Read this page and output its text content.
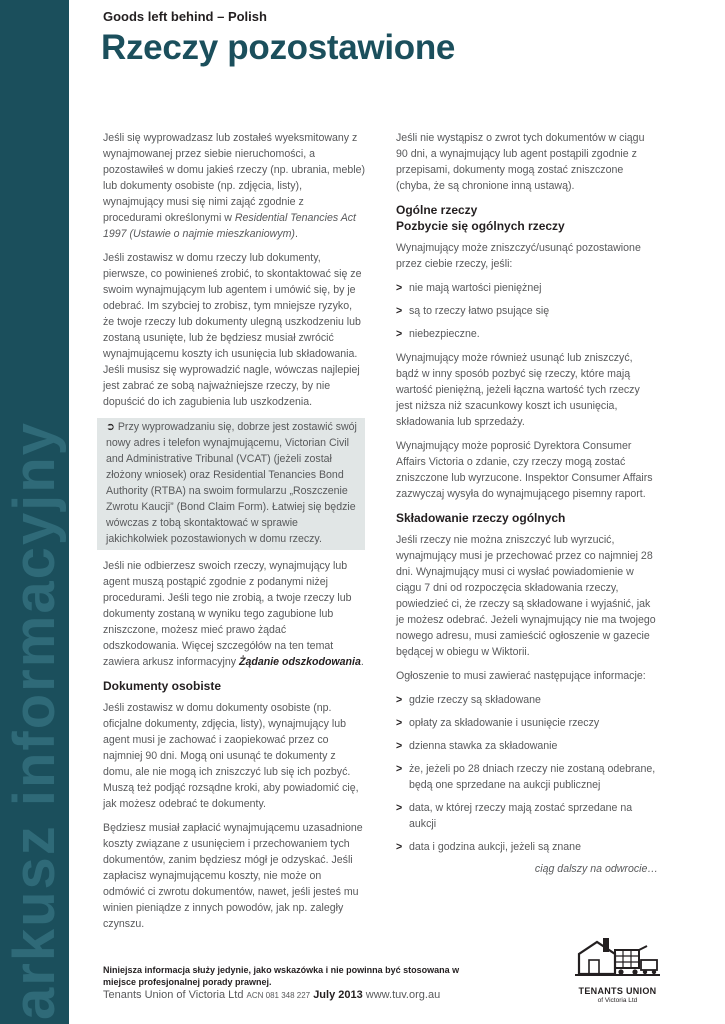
arkusz informacyjny
Goods left behind – Polish
Rzeczy pozostawione

Jeśli się wyprowadzasz lub zostałeś wyeksmitowany z wynajmowanej przez siebie nieruchomości, a pozostawiłeś w domu jakieś rzeczy (np. ubrania, meble) lub dokumenty osobiste (np. zdjęcia, listy), wynajmujący musi się nimi zająć zgodnie z procedurami określonymi w Residential Tenancies Act 1997 (Ustawie o najmie mieszkaniowym).

Jeśli zostawisz w domu rzeczy lub dokumenty, pierwsze, co powinieneś zrobić, to skontaktować się ze swoim wynajmującym lub agentem i umówić się, by je odebrać. Im szybciej to zrobisz, tym mniejsze ryzyko, że twoje rzeczy lub dokumenty ulegną uszkodzeniu lub zostaną usunięte, lub że będziesz musiał zwrócić wynajmującemu koszty ich usunięcia lub składowania. Jeśli musisz się wyprowadzić nagle, wówczas najlepiej jest zabrać ze sobą najważniejsze rzeczy, by nie dopuścić do ich zagubienia lub uszkodzenia.

➲ Przy wyprowadzaniu się, dobrze jest zostawić swój nowy adres i telefon wynajmującemu, Victorian Civil and Administrative Tribunal (VCAT) (jeżeli został złożony wniosek) oraz Residential Tenancies Bond Authority (RTBA) na swoim formularzu „Roszczenie Zwrotu Kaucji” (Bond Claim Form). Łatwiej się będzie wówczas z tobą skontaktować w sprawie jakichkolwiek pozostawionych w domu rzeczy.

Jeśli nie odbierzesz swoich rzeczy, wynajmujący lub agent muszą postąpić zgodnie z podanymi niżej procedurami. Jeśli tego nie zrobią, a twoje rzeczy lub dokumenty zostaną w wyniku tego zagubione lub zniszczone, możesz mieć prawo żądać odszkodowania. Więcej szczegółów na ten temat zawiera arkusz informacyjny Żądanie odszkodowania.

Dokumenty osobiste

Jeśli zostawisz w domu dokumenty osobiste (np. oficjalne dokumenty, zdjęcia, listy), wynajmujący lub agent musi je zachować i zaopiekować przez co najmniej 90 dni. Mogą oni usunąć te dokumenty z domu, ale nie mogą ich zniszczyć lub się ich pozbyć. Muszą też podjąć rozsądne kroki, aby powiadomić cię, jak możesz odebrać te dokumenty.

Będziesz musiał zapłacić wynajmującemu uzasadnione koszty związane z usunięciem i przechowaniem tych dokumentów, zanim będziesz mógł je odzyskać. Jeśli zapłacisz wynajmującemu koszty, nie może on odmówić ci zwrotu dokumentów, nawet, jeśli jesteś mu winien pieniądze z innych powodów, jak np. zaległy czynszu.

Jeśli nie wystąpisz o zwrot tych dokumentów w ciągu 90 dni, a wynajmujący lub agent postąpili zgodnie z przepisami, dokumenty mogą zostać zniszczone (chyba, że są chronione inną ustawą).

Ogólne rzeczy
Pozbycie się ogólnych rzeczy

Wynajmujący może zniszczyć/usunąć pozostawione przez ciebie rzeczy, jeśli:

> nie mają wartości pieniężnej
> są to rzeczy łatwo psujące się
> niebezpieczne.

Wynajmujący może również usunąć lub zniszczyć, bądź w inny sposób pozbyć się rzeczy, które mają wartość pieniężną, jeżeli łączna wartość tych rzeczy jest niższa niż szacunkowy koszt ich usunięcia, składowania lub sprzedaży.

Wynajmujący może poprosić Dyrektora Consumer Affairs Victoria o zdanie, czy rzeczy mogą zostać zniszczone lub wyrzucone. Inspektor Consumer Affairs zazwyczaj wysyła do wynajmującego pisemny raport.

Składowanie rzeczy ogólnych

Jeśli rzeczy nie można zniszczyć lub wyrzucić, wynajmujący musi je przechować przez co najmniej 28 dni. Wynajmujący musi ci wysłać powiadomienie w ciągu 7 dni od rozpoczęcia składowania rzeczy, powiedzieć ci, że rzeczy są składowane i wyjaśnić, jak je możesz odebrać. Jeżeli wynajmujący nie ma twojego nowego adresu, musi zamieścić ogłoszenie w gazecie będącej w obiegu w Wiktorii.

Ogłoszenie to musi zawierać następujące informacje:

> gdzie rzeczy są składowane
> opłaty za składowanie i usunięcie rzeczy
> dzienna stawka za składowanie
> że, jeżeli po 28 dniach rzeczy nie zostaną odebrane, będą one sprzedane na aukcji publicznej
> data, w której rzeczy mają zostać sprzedane na aukcji
> data i godzina aukcji, jeżeli są znane
ciąg dalszy na odwrocie…
Niniejsza informacja służy jedynie, jako wskazówka i nie powinna być stosowana w miejsce profesjonalnej porady prawnej.
Tenants Union of Victoria Ltd ACN 081 348 227 July 2013 www.tuv.org.au	TENANTS UNION
of Victoria Ltd
